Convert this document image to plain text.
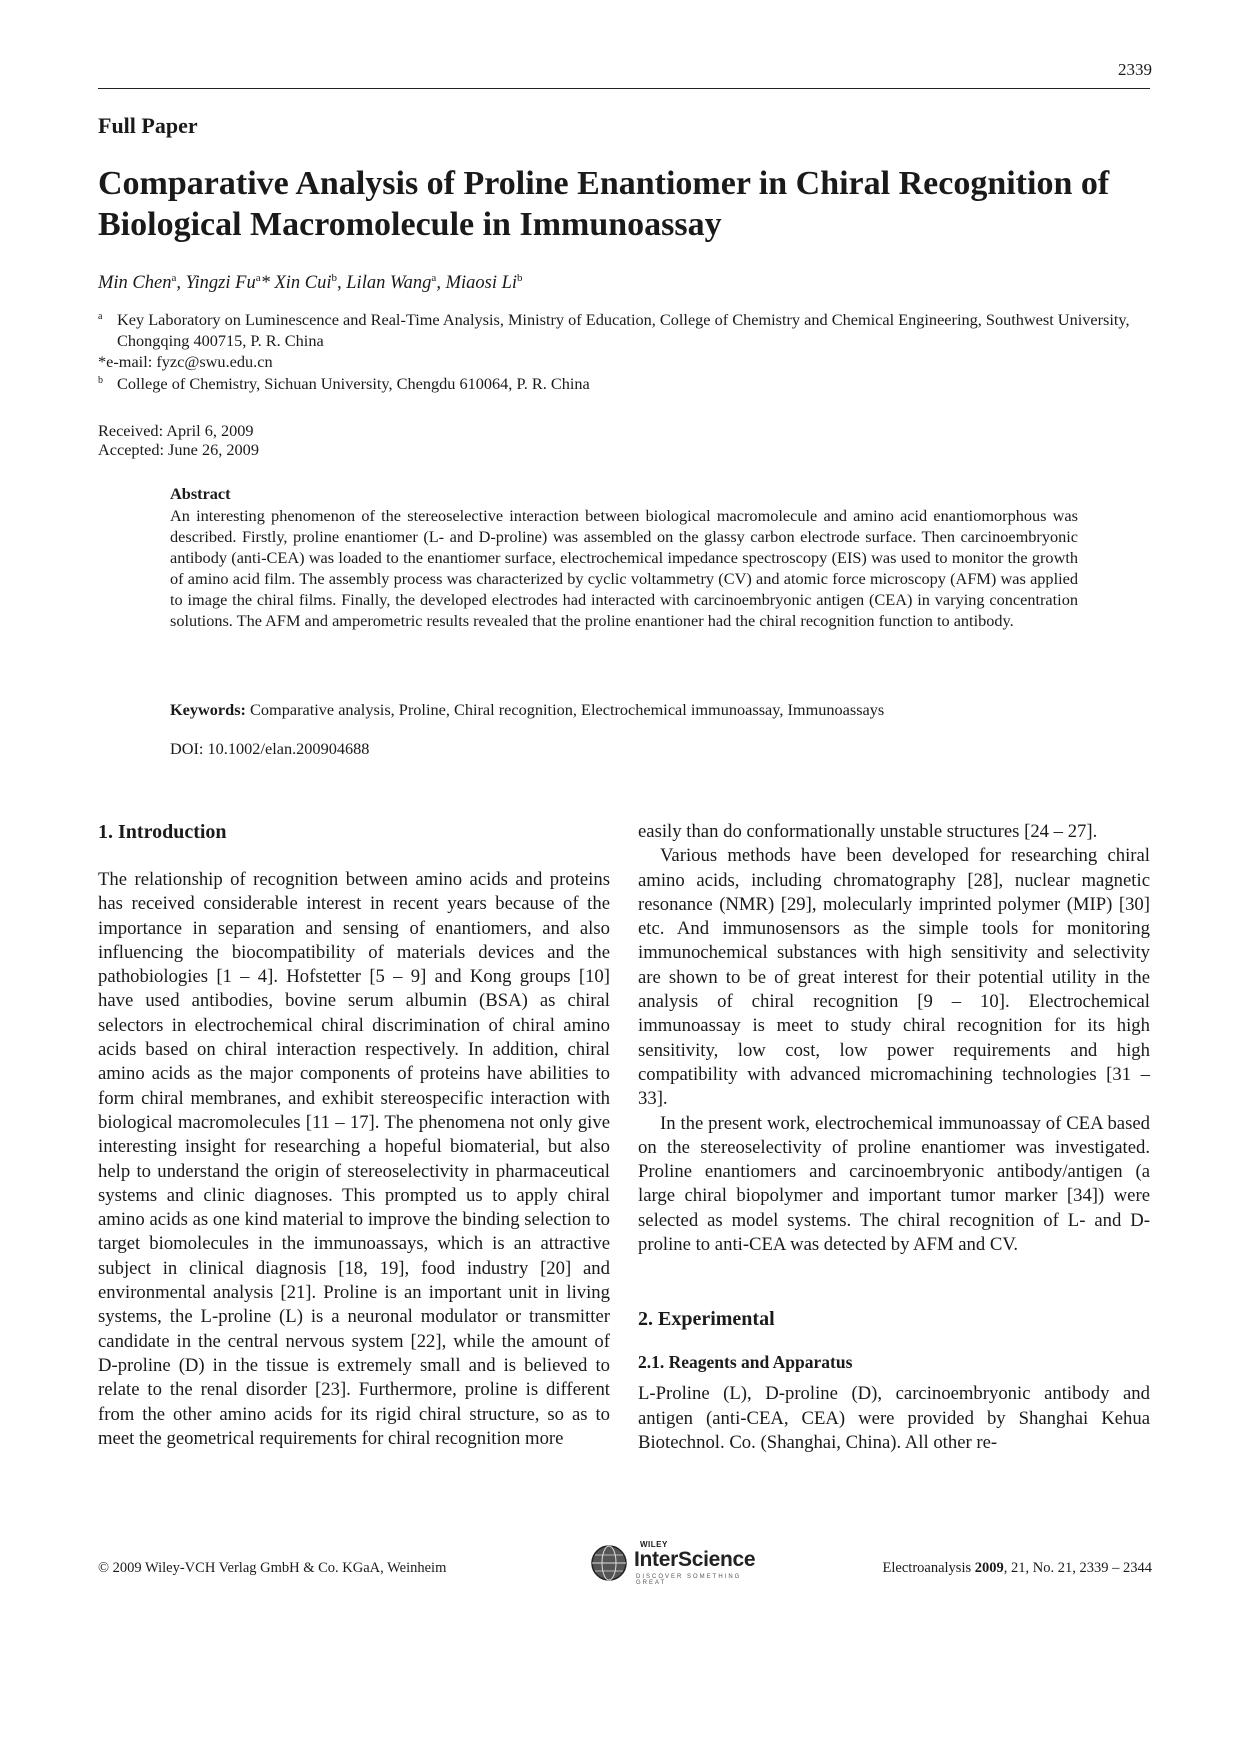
2339
Full Paper
Comparative Analysis of Proline Enantiomer in Chiral Recognition of Biological Macromolecule in Immunoassay
Min Chen$^a$, Yingzi Fu$^a$* Xin Cui$^b$, Lilan Wang$^a$, Miaosi Li$^b$
a Key Laboratory on Luminescence and Real-Time Analysis, Ministry of Education, College of Chemistry and Chemical Engineering, Southwest University, Chongqing 400715, P. R. China
*e-mail: fyzc@swu.edu.cn
b College of Chemistry, Sichuan University, Chengdu 610064, P. R. China
Received: April 6, 2009
Accepted: June 26, 2009
Abstract
An interesting phenomenon of the stereoselective interaction between biological macromolecule and amino acid enantiomorphous was described. Firstly, proline enantiomer (L- and D-proline) was assembled on the glassy carbon electrode surface. Then carcinoembryonic antibody (anti-CEA) was loaded to the enantiomer surface, electrochemical impedance spectroscopy (EIS) was used to monitor the growth of amino acid film. The assembly process was characterized by cyclic voltammetry (CV) and atomic force microscopy (AFM) was applied to image the chiral films. Finally, the developed electrodes had interacted with carcinoembryonic antigen (CEA) in varying concentration solutions. The AFM and amperometric results revealed that the proline enantioner had the chiral recognition function to antibody.
Keywords: Comparative analysis, Proline, Chiral recognition, Electrochemical immunoassay, Immunoassays
DOI: 10.1002/elan.200904688

1. Introduction

The relationship of recognition between amino acids and proteins has received considerable interest in recent years because of the importance in separation and sensing of enantiomers, and also influencing the biocompatibility of materials devices and the pathobiologies [1 – 4]. Hofstetter [5 – 9] and Kong groups [10] have used antibodies, bovine serum albumin (BSA) as chiral selectors in electrochemical chiral discrimination of chiral amino acids based on chiral interaction respectively. In addition, chiral amino acids as the major components of proteins have abilities to form chiral membranes, and exhibit stereospecific interaction with biological macromolecules [11 – 17]. The phenomena not only give interesting insight for researching a hopeful biomaterial, but also help to understand the origin of stereoselectivity in pharmaceutical systems and clinic diagnoses. This prompted us to apply chiral amino acids as one kind material to improve the binding selection to target biomolecules in the immunoassays, which is an attractive subject in clinical diagnosis [18, 19], food industry [20] and environmental analysis [21]. Proline is an important unit in living systems, the L-proline (L) is a neuronal modulator or transmitter candidate in the central nervous system [22], while the amount of D-proline (D) in the tissue is extremely small and is believed to relate to the renal disorder [23]. Furthermore, proline is different from the other amino acids for its rigid chiral structure, so as to meet the geometrical requirements for chiral recognition more

easily than do conformationally unstable structures [24 – 27].

Various methods have been developed for researching chiral amino acids, including chromatography [28], nuclear magnetic resonance (NMR) [29], molecularly imprinted polymer (MIP) [30] etc. And immunosensors as the simple tools for monitoring immunochemical substances with high sensitivity and selectivity are shown to be of great interest for their potential utility in the analysis of chiral recognition [9 – 10]. Electrochemical immunoassay is meet to study chiral recognition for its high sensitivity, low cost, low power requirements and high compatibility with advanced micromachining technologies [31 – 33].

In the present work, electrochemical immunoassay of CEA based on the stereoselectivity of proline enantiomer was investigated. Proline enantiomers and carcinoembryonic antibody/antigen (a large chiral biopolymer and important tumor marker [34]) were selected as model systems. The chiral recognition of L- and D-proline to anti-CEA was detected by AFM and CV.

2. Experimental

2.1. Reagents and Apparatus

L-Proline (L), D-proline (D), carcinoembryonic antibody and antigen (anti-CEA, CEA) were provided by Shanghai Kehua Biotechnol. Co. (Shanghai, China). All other re-

© 2009 Wiley-VCH Verlag GmbH & Co. KGaA, Weinheim
WILEY
InterScience
DISCOVER SOMETHING GREAT
Electroanalysis 2009, 21, No. 21, 2339 – 2344
